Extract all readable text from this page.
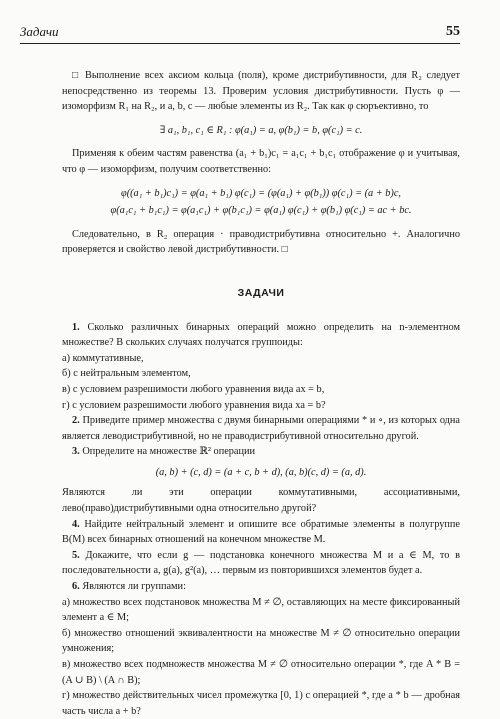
Задачи	55

□ Выполнение всех аксиом кольца (поля), кроме дистрибутивности, для R₂ следует непосредственно из теоремы 13. Проверим условия дистрибутивности. Пусть φ — изоморфизм R₁ на R₂, и a, b, c — любые элементы из R₂. Так как φ сюръективно, то

∃ a₁, b₁, c₁ ∈ R₁ : φ(a₁) = a, φ(b₁) = b, φ(c₁) = c.

Применяя к обеим частям равенства (a₁ + b₁)c₁ = a₁c₁ + b₁c₁ отображение φ и учитывая, что φ — изоморфизм, получим соответственно:

φ((a₁ + b₁)c₁) = φ(a₁ + b₁) φ(c₁) = (φ(a₁) + φ(b₁)) φ(c₁) = (a + b)c,
φ(a₁c₁ + b₁c₁) = φ(a₁c₁) + φ(b₁c₁) = φ(a₁) φ(c₁) + φ(b₁) φ(c₁) = ac + bc.

Следовательно, в R₂ операция · праводистрибутивна относительно +. Аналогично проверяется и свойство левой дистрибутивности. □

ЗАДАЧИ

1. Сколько различных бинарных операций можно определить на n-элементном множестве? В скольких случаях получатся группоиды:

а) коммутативные,
б) с нейтральным элементом,
в) с условием разрешимости любого уравнения вида ax = b,
г) с условием разрешимости любого уравнения вида xa = b?

2. Приведите пример множества с двумя бинарными операциями * и ∘, из которых одна является леводистрибутивной, но не праводистрибутивной относительно другой.

3. Определите на множестве ℝ² операции

(a, b) + (c, d) = (a + c, b + d), (a, b)(c, d) = (a, d).

Являются ли эти операции коммутативными, ассоциативными, лево(право)дистрибутивными одна относительно другой?

4. Найдите нейтральный элемент и опишите все обратимые элементы в полугруппе B(M) всех бинарных отношений на конечном множестве M.

5. Докажите, что если g — подстановка конечного множества M и a ∈ M, то в последовательности a, g(a), g²(a), … первым из повторившихся элементов будет a.

6. Являются ли группами:

а) множество всех подстановок множества M ≠ ∅, оставляющих на месте фиксированный элемент a ∈ M;

б) множество отношений эквивалентности на множестве M ≠ ∅ относительно операции умножения;

в) множество всех подмножеств множества M ≠ ∅ относительно операции *, где A * B = (A ∪ B) \ (A ∩ B);

г) множество действительных чисел промежутка [0, 1) с операцией *, где a * b — дробная часть числа a + b?
